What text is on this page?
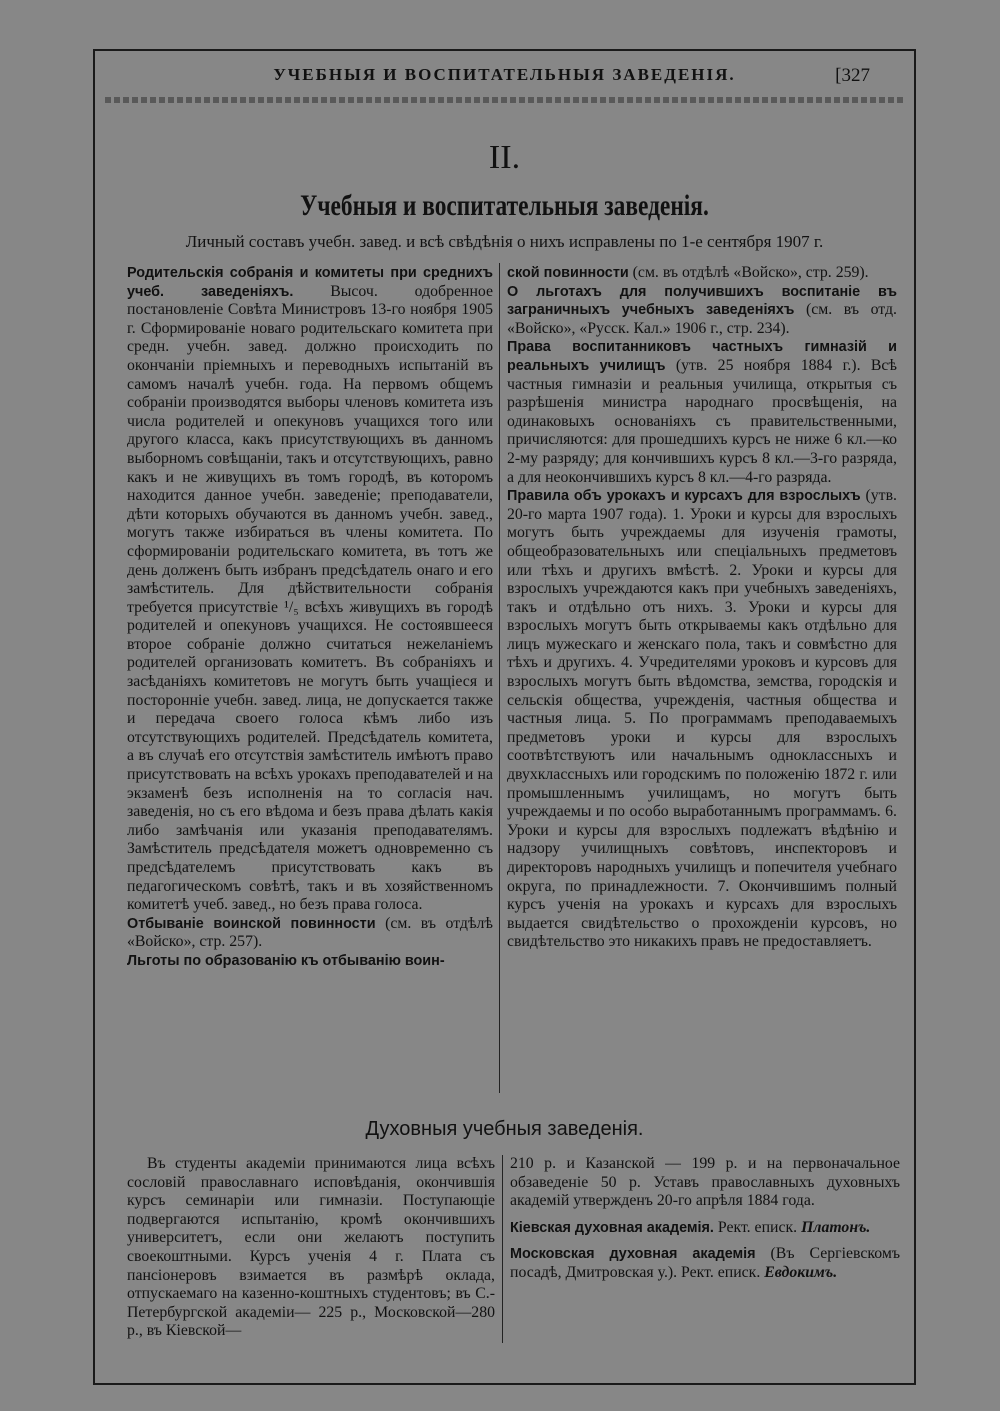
УЧЕБНЫЯ И ВОСПИТАТЕЛЬНЫЯ ЗАВЕДЕНІЯ.	[327
II.
Учебныя и воспитательныя заведенія.
Личный составъ учебн. завед. и всѣ свѣдѣнія о нихъ исправлены по 1-е сентября 1907 г.

Родительскія собранія и комитеты при среднихъ учеб. заведеніяхъ. Высоч. одобренное постановленіе Совѣта Министровъ 13-го ноября 1905 г. Сформированіе новаго родительскаго комитета при средн. учебн. завед. должно происходить по окончаніи пріемныхъ и переводныхъ испытаній въ самомъ началѣ учебн. года. На первомъ общемъ собраніи производятся выборы членовъ комитета изъ числа родителей и опекуновъ учащихся того или другого класса, какъ присутствующихъ въ данномъ выборномъ совѣщаніи, такъ и отсутствующихъ, равно какъ и не живущихъ въ томъ городѣ, въ которомъ находится данное учебн. заведеніе; преподаватели, дѣти которыхъ обучаются въ данномъ учебн. завед., могутъ также избираться въ члены комитета. По сформированіи родительскаго комитета, въ тотъ же день долженъ быть избранъ предсѣдатель онаго и его замѣститель. Для дѣйствительности собранія требуется присутствіе ¹/₅ всѣхъ живущихъ въ городѣ родителей и опекуновъ учащихся. Не состоявшееся второе собраніе должно считаться нежеланіемъ родителей организовать комитетъ. Въ собраніяхъ и засѣданіяхъ комитетовъ не могутъ быть учащіеся и посторонніе учебн. завед. лица, не допускается также и передача своего голоса кѣмъ либо изъ отсутствующихъ родителей. Предсѣдатель комитета, а въ случаѣ его отсутствія замѣститель имѣютъ право присутствовать на всѣхъ урокахъ преподавателей и на экзаменѣ безъ исполненія на то согласія нач. заведенія, но съ его вѣдома и безъ права дѣлать какія либо замѣчанія или указанія преподавателямъ. Замѣститель предсѣдателя можетъ одновременно съ предсѣдателемъ присутствовать какъ въ педагогическомъ совѣтѣ, такъ и въ хозяйственномъ комитетѣ учеб. завед., но безъ права голоса.

Отбываніе воинской повинности (см. въ отдѣлѣ «Войско», стр. 257).

Льготы по образованію къ отбыванію воин-

ской повинности (см. въ отдѣлѣ «Войско», стр. 259).

О льготахъ для получившихъ воспитаніе въ заграничныхъ учебныхъ заведеніяхъ (см. въ отд. «Войско», «Русск. Кал.» 1906 г., стр. 234).

Права воспитанниковъ частныхъ гимназій и реальныхъ училищъ (утв. 25 ноября 1884 г.). Всѣ частныя гимназіи и реальныя училища, открытыя съ разрѣшенія министра народнаго просвѣщенія, на одинаковыхъ основаніяхъ съ правительственными, причисляются: для прошедшихъ курсъ не ниже 6 кл.—ко 2-му разряду; для кончившихъ курсъ 8 кл.—3-го разряда, а для неокончившихъ курсъ 8 кл.—4-го разряда.

Правила объ урокахъ и курсахъ для взрослыхъ (утв. 20-го марта 1907 года). 1. Уроки и курсы для взрослыхъ могутъ быть учреждаемы для изученія грамоты, общеобразовательныхъ или спеціальныхъ предметовъ или тѣхъ и другихъ вмѣстѣ. 2. Уроки и курсы для взрослыхъ учреждаются какъ при учебныхъ заведеніяхъ, такъ и отдѣльно отъ нихъ. 3. Уроки и курсы для взрослыхъ могутъ быть открываемы какъ отдѣльно для лицъ мужескаго и женскаго пола, такъ и совмѣстно для тѣхъ и другихъ. 4. Учредителями уроковъ и курсовъ для взрослыхъ могутъ быть вѣдомства, земства, городскія и сельскія общества, учрежденія, частныя общества и частныя лица. 5. По программамъ преподаваемыхъ предметовъ уроки и курсы для взрослыхъ соотвѣтствуютъ или начальнымъ одноклассныхъ и двухклассныхъ или городскимъ по положенію 1872 г. или промышленнымъ училищамъ, но могутъ быть учреждаемы и по особо выработаннымъ программамъ. 6. Уроки и курсы для взрослыхъ подлежатъ вѣдѣнію и надзору училищныхъ совѣтовъ, инспекторовъ и директоровъ народныхъ училищъ и попечителя учебнаго округа, по принадлежности. 7. Окончившимъ полный курсъ ученія на урокахъ и курсахъ для взрослыхъ выдается свидѣтельство о прохожденіи курсовъ, но свидѣтельство это никакихъ правъ не предоставляетъ.

Духовныя учебныя заведенія.

Въ студенты академіи принимаются лица всѣхъ сословій православнаго исповѣданія, окончившія курсъ семинаріи или гимназіи. Поступающіе подвергаются испытанію, кромѣ окончившихъ университетъ, если они желаютъ поступить своекоштными. Курсъ ученія 4 г. Плата съ пансіонеровъ взимается въ размѣрѣ оклада, отпускаемаго на казенно-коштныхъ студентовъ; въ С.-Петербургской академіи— 225 р., Московской—280 р., въ Кіевской—

210 р. и Казанской — 199 р. и на первоначальное обзаведеніе 50 р. Уставъ православныхъ духовныхъ академій утвержденъ 20-го апрѣля 1884 года.

Кіевская духовная академія. Рект. еписк. Платонъ.

Московская духовная академія (Въ Сергіевскомъ посадѣ, Дмитровская у.). Рект. еписк. Евдокимъ.
